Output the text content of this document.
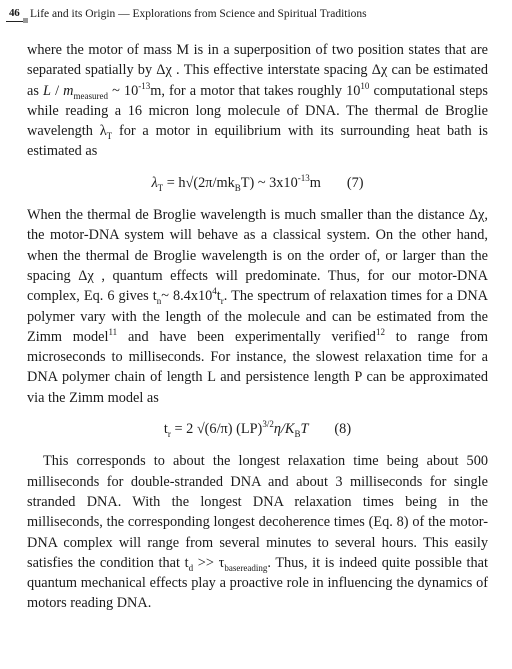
46 Life and its Origin — Explorations from Science and Spiritual Traditions

where the motor of mass M is in a superposition of two position states that are separated spatially by Δχ . This effective interstate spacing Δχ can be estimated as L / $m_{measured}$ ~ $10^{-13}m$, for a motor that takes roughly $10^{10}$ computational steps while reading a 16 micron long molecule of DNA. The thermal de Broglie wavelength $\lambda_T$ for a motor in equilibrium with its surrounding heat bath is estimated as

$\lambda_T = h√(2\pi/mk_BT)$ ~ $3x10^{-13}m$ (7)

When the thermal de Broglie wavelength is much smaller than the distance Δχ, the motor-DNA system will behave as a classical system. On the other hand, when the thermal de Broglie wavelength is on the order of, or larger than the spacing Δχ , quantum effects will predominate. Thus, for our motor-DNA complex, Eq. 6 gives $t_n\sim$ $8.4x10^4t_r$. The spectrum of relaxation times for a DNA polymer vary with the length of the molecule and can be estimated from the Zimm model$^{11}$ and have been experimentally verified$^{12}$ to range from microseconds to milliseconds. For instance, the slowest relaxation time for a DNA polymer chain of length L and persistence length P can be approximated via the Zimm model as

$t_r = 2$ √(6/π) $(LP)^{3/2}\eta/K_BT$ (8)

This corresponds to about the longest relaxation time being about 500 milliseconds for double-stranded DNA and about 3 milliseconds for single stranded DNA. With the longest DNA relaxation times being in the milliseconds, the corresponding longest decoherence times (Eq. 8) of the motor-DNA complex will range from several minutes to several hours. This easily satisfies the condition that $t_d >> \tau_{basereading}$. Thus, it is indeed quite possible that quantum mechanical effects play a proactive role in influencing the dynamics of motors reading DNA.
